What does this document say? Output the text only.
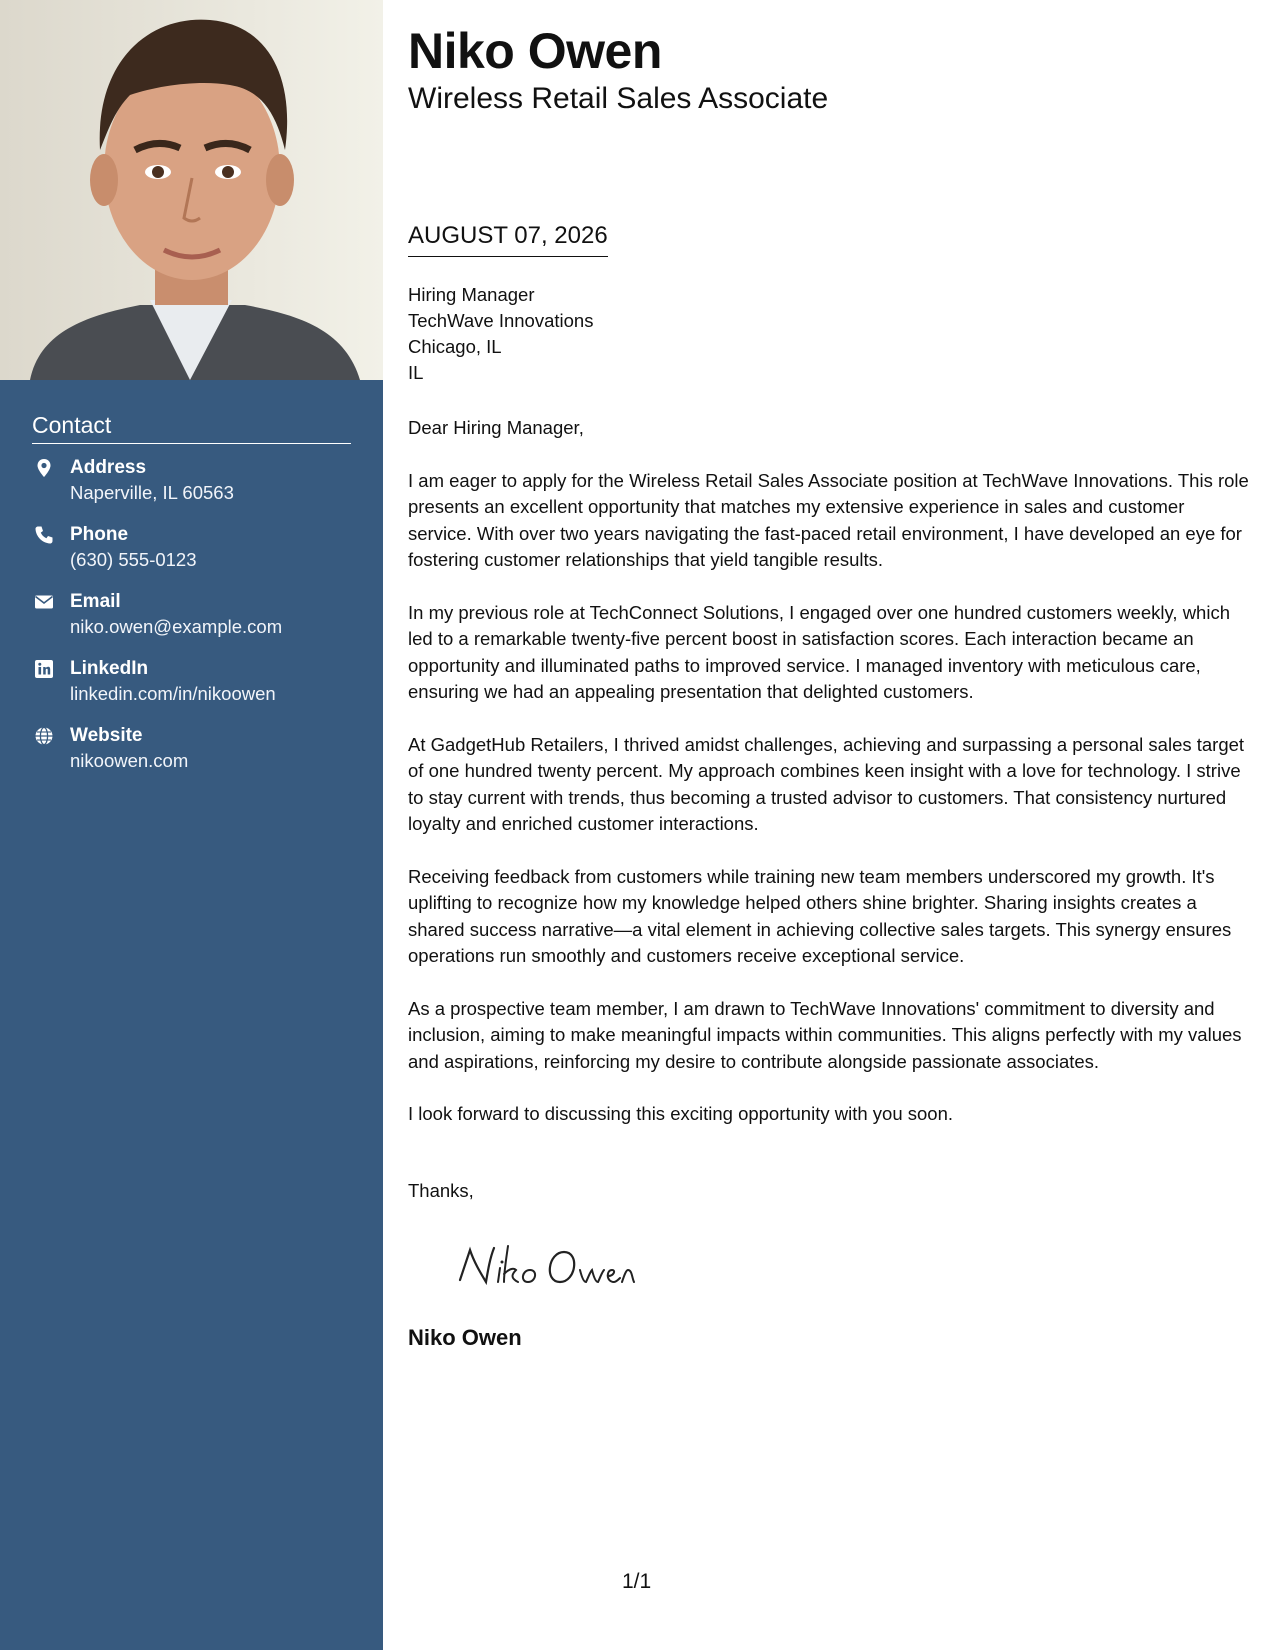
Contact
Address
Naperville, IL 60563
Phone
(630) 555-0123
Email
niko.owen@example.com
LinkedIn
linkedin.com/in/nikoowen
Website
nikoowen.com
Niko Owen
Wireless Retail Sales Associate
AUGUST 07, 2026
Hiring Manager
TechWave Innovations
Chicago, IL
IL

Dear Hiring Manager,

I am eager to apply for the Wireless Retail Sales Associate position at TechWave Innovations. This role presents an excellent opportunity that matches my extensive experience in sales and customer service. With over two years navigating the fast-paced retail environment, I have developed an eye for fostering customer relationships that yield tangible results.

In my previous role at TechConnect Solutions, I engaged over one hundred customers weekly, which led to a remarkable twenty-five percent boost in satisfaction scores. Each interaction became an opportunity and illuminated paths to improved service. I managed inventory with meticulous care, ensuring we had an appealing presentation that delighted customers.

At GadgetHub Retailers, I thrived amidst challenges, achieving and surpassing a personal sales target of one hundred twenty percent. My approach combines keen insight with a love for technology. I strive to stay current with trends, thus becoming a trusted advisor to customers. That consistency nurtured loyalty and enriched customer interactions.

Receiving feedback from customers while training new team members underscored my growth. It's uplifting to recognize how my knowledge helped others shine brighter. Sharing insights creates a shared success narrative—a vital element in achieving collective sales targets. This synergy ensures operations run smoothly and customers receive exceptional service.

As a prospective team member, I am drawn to TechWave Innovations' commitment to diversity and inclusion, aiming to make meaningful impacts within communities. This aligns perfectly with my values and aspirations, reinforcing my desire to contribute alongside passionate associates.

I look forward to discussing this exciting opportunity with you soon.

Thanks,
Niko Owen
1/1
